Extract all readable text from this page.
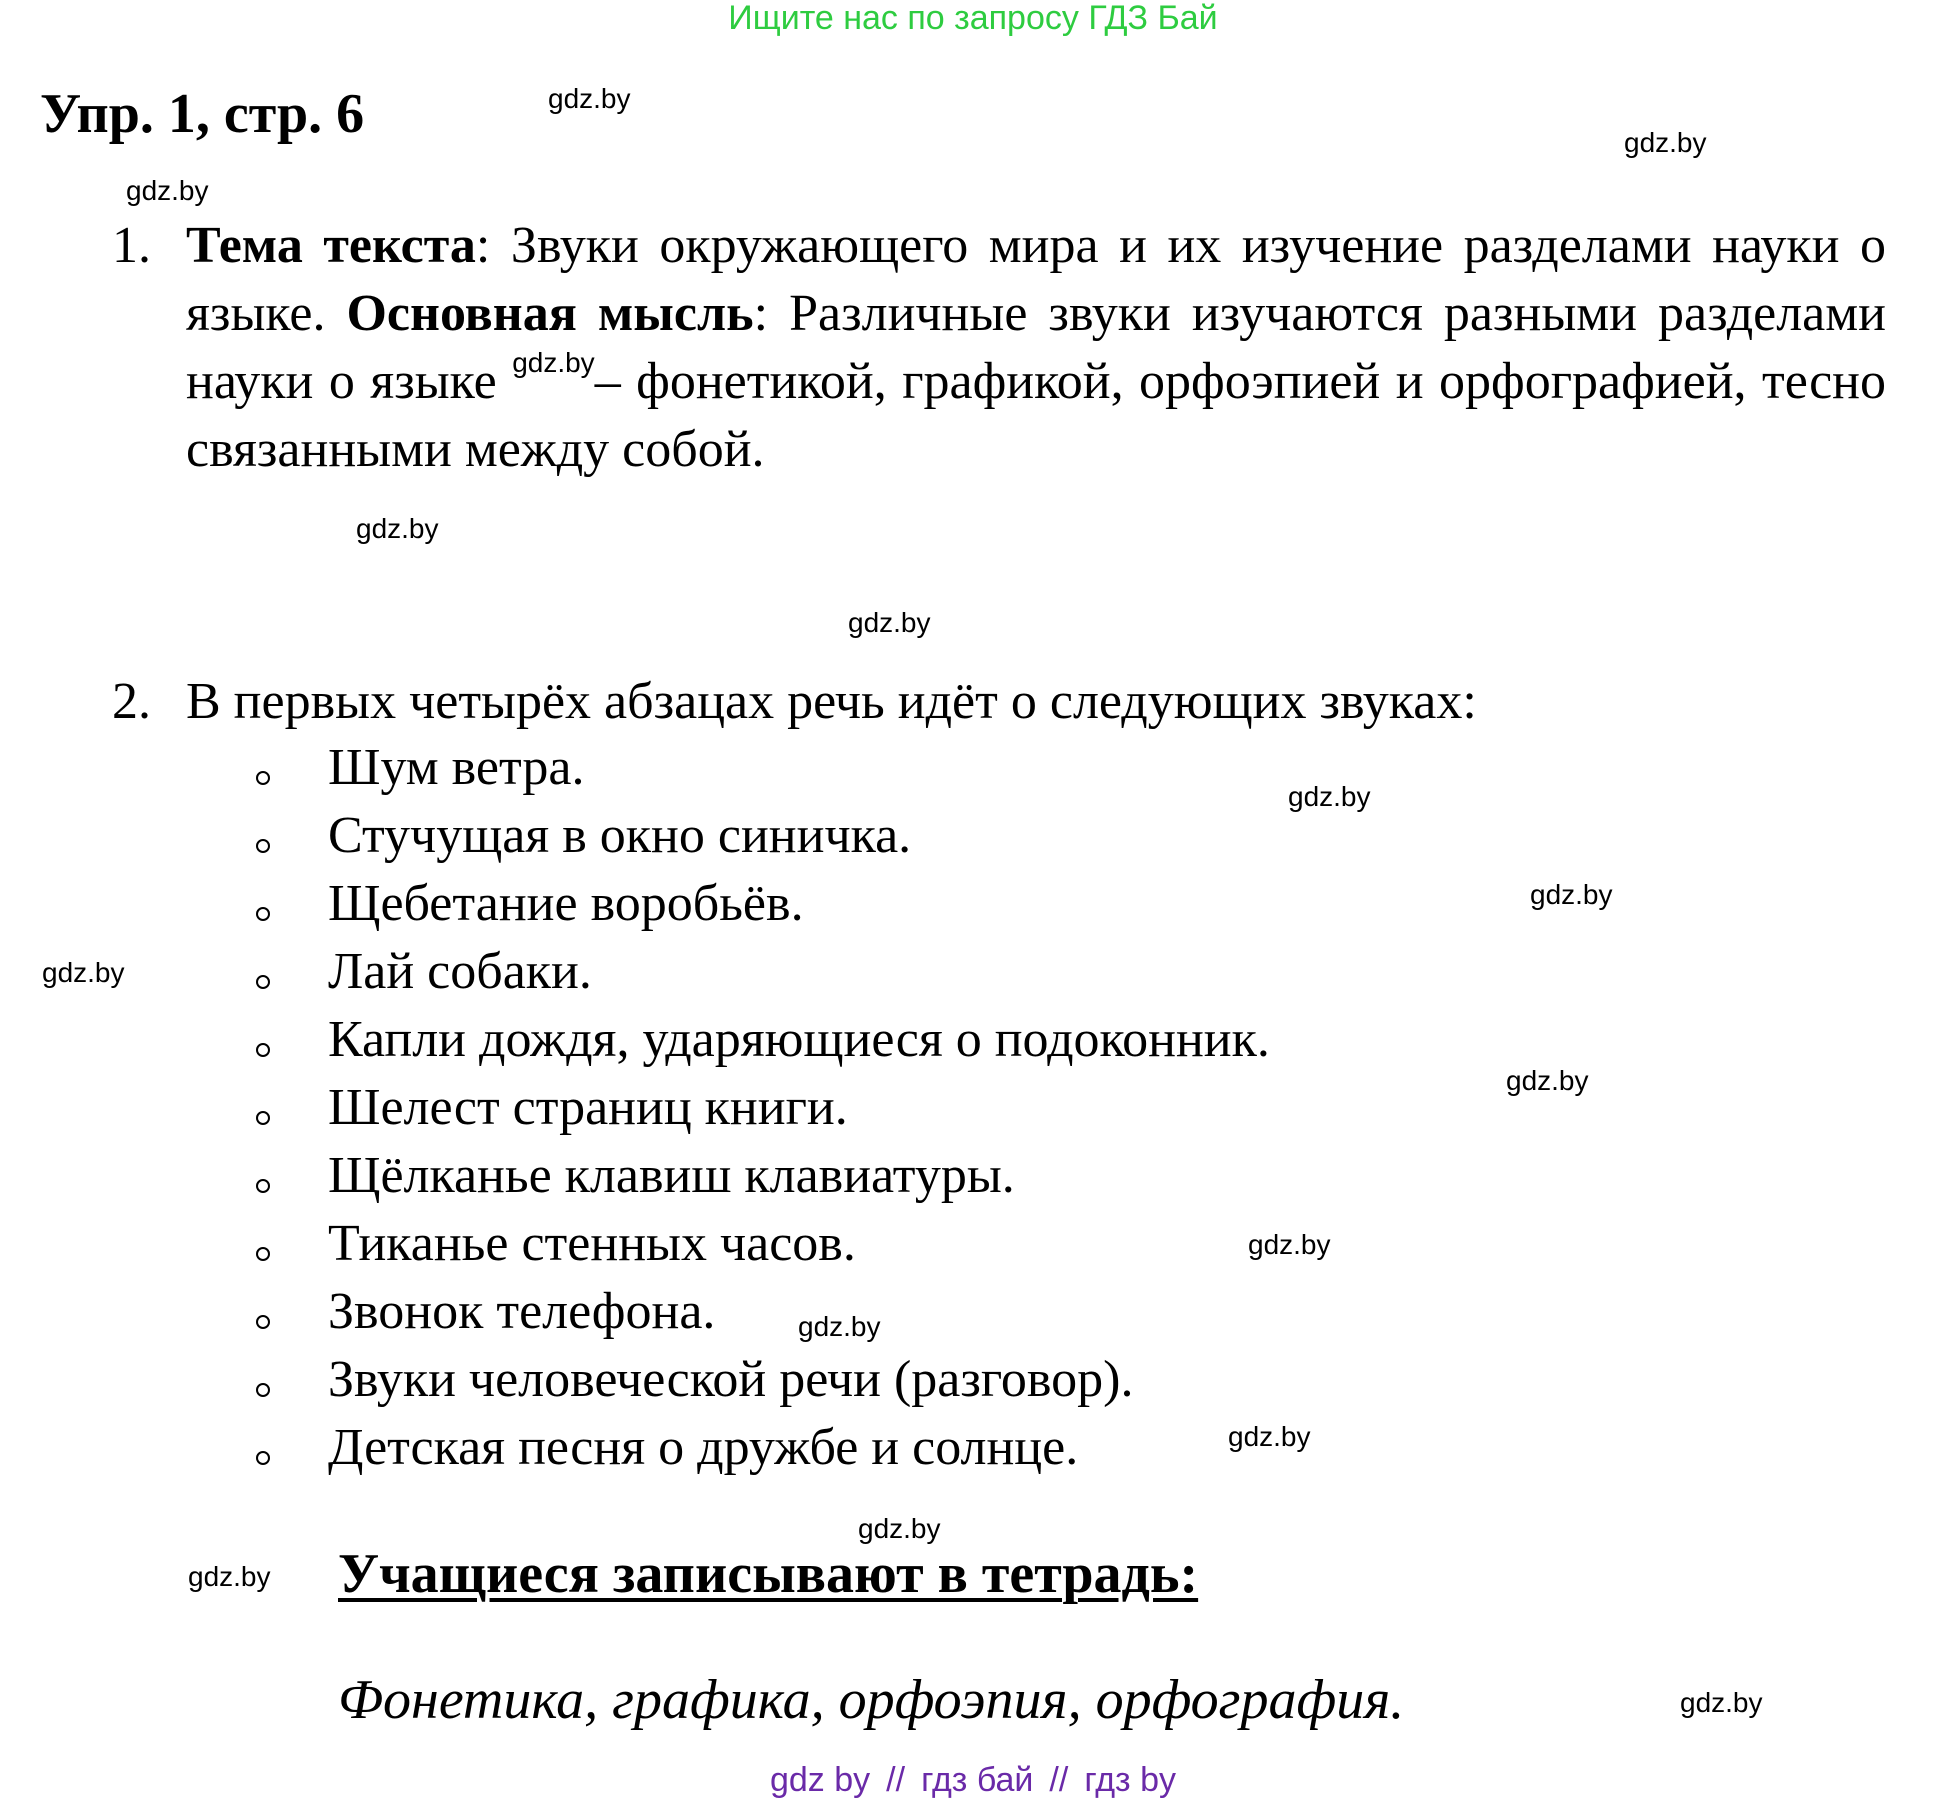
Ищите нас по запросу ГДЗ Бай
Упр. 1, стр. 6	gdz.by
gdz.by
gdz.by
gdz.by
gdz.by
gdz.by
gdz.by
gdz.by
gdz.by
gdz.by
gdz.by
gdz.by
gdz.by
gdz.by
gdz.by
1. Тема текста: Звуки окружающего мира и их изучение разделами науки о языке. Основная мысль: Различные звуки изучаются разными разделами науки о языке $^{gdz.by}$– фонетикой, графикой, орфоэпией и орфографией, тесно связанными между собой.
2. В первых четырёх абзацах речь идёт о следующих звуках:
Шум ветра.
Стучущая в окно синичка.
Щебетание воробьёв.
Лай собаки.
Капли дождя, ударяющиеся о подоконник.
Шелест страниц книги.
Щёлканье клавиш клавиатуры.
Тиканье стенных часов.
Звонок телефона.
Звуки человеческой речи (разговор).
Детская песня о дружбе и солнце.
Учащиеся записывают в тетрадь:
Фонетика, графика, орфоэпия, орфография.
gdz by // гдз бай // гдз by
